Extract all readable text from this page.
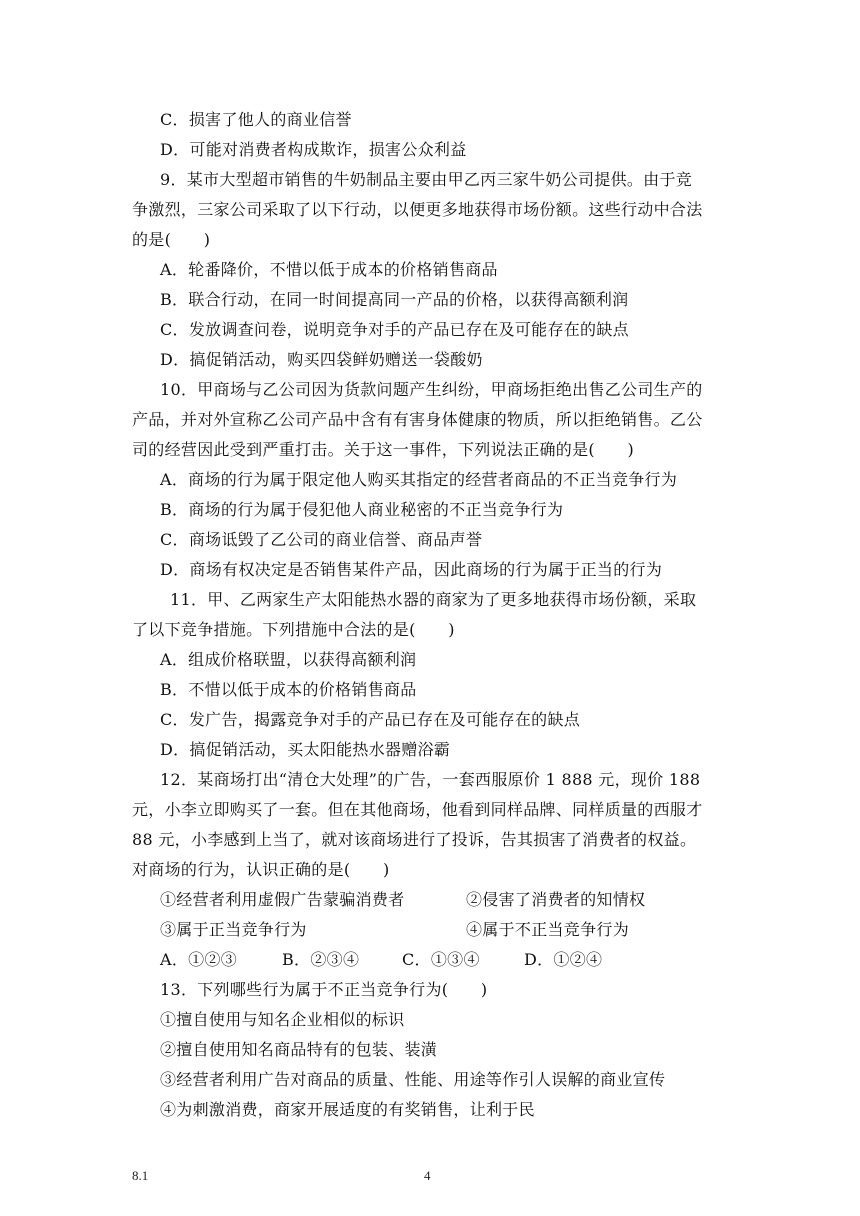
C．损害了他人的商业信誉
D．可能对消费者构成欺诈，损害公众利益
9．某市大型超市销售的牛奶制品主要由甲乙丙三家牛奶公司提供。由于竞
争激烈，三家公司采取了以下行动，以便更多地获得市场份额。这些行动中合法
的是(　　)
A．轮番降价，不惜以低于成本的价格销售商品
B．联合行动，在同一时间提高同一产品的价格，以获得高额利润
C．发放调查问卷，说明竞争对手的产品已存在及可能存在的缺点
D．搞促销活动，购买四袋鲜奶赠送一袋酸奶
10．甲商场与乙公司因为货款问题产生纠纷，甲商场拒绝出售乙公司生产的
产品，并对外宣称乙公司产品中含有有害身体健康的物质，所以拒绝销售。乙公
司的经营因此受到严重打击。关于这一事件，下列说法正确的是(　　)
A．商场的行为属于限定他人购买其指定的经营者商品的不正当竞争行为
B．商场的行为属于侵犯他人商业秘密的不正当竞争行为
C．商场诋毁了乙公司的商业信誉、商品声誉
D．商场有权决定是否销售某件产品，因此商场的行为属于正当的行为
11．甲、乙两家生产太阳能热水器的商家为了更多地获得市场份额，采取
了以下竞争措施。下列措施中合法的是(　　)
A．组成价格联盟，以获得高额利润
B．不惜以低于成本的价格销售商品
C．发广告，揭露竞争对手的产品已存在及可能存在的缺点
D．搞促销活动，买太阳能热水器赠浴霸
12．某商场打出“清仓大处理”的广告，一套西服原价 1 888 元，现价 188
元，小李立即购买了一套。但在其他商场，他看到同样品牌、同样质量的西服才
88 元，小李感到上当了，就对该商场进行了投诉，告其损害了消费者的权益。
对商场的行为，认识正确的是(　　)
①经营者利用虚假广告蒙骗消费者	②侵害了消费者的知情权
③属于正当竞争行为	④属于不正当竞争行为
A．①②③	B．②③④	C．①③④	D．①②④
13．下列哪些行为属于不正当竞争行为(　　)
①擅自使用与知名企业相似的标识
②擅自使用知名商品特有的包装、装潢
③经营者利用广告对商品的质量、性能、用途等作引人误解的商业宣传
④为刺激消费，商家开展适度的有奖销售，让利于民
8.1	4
